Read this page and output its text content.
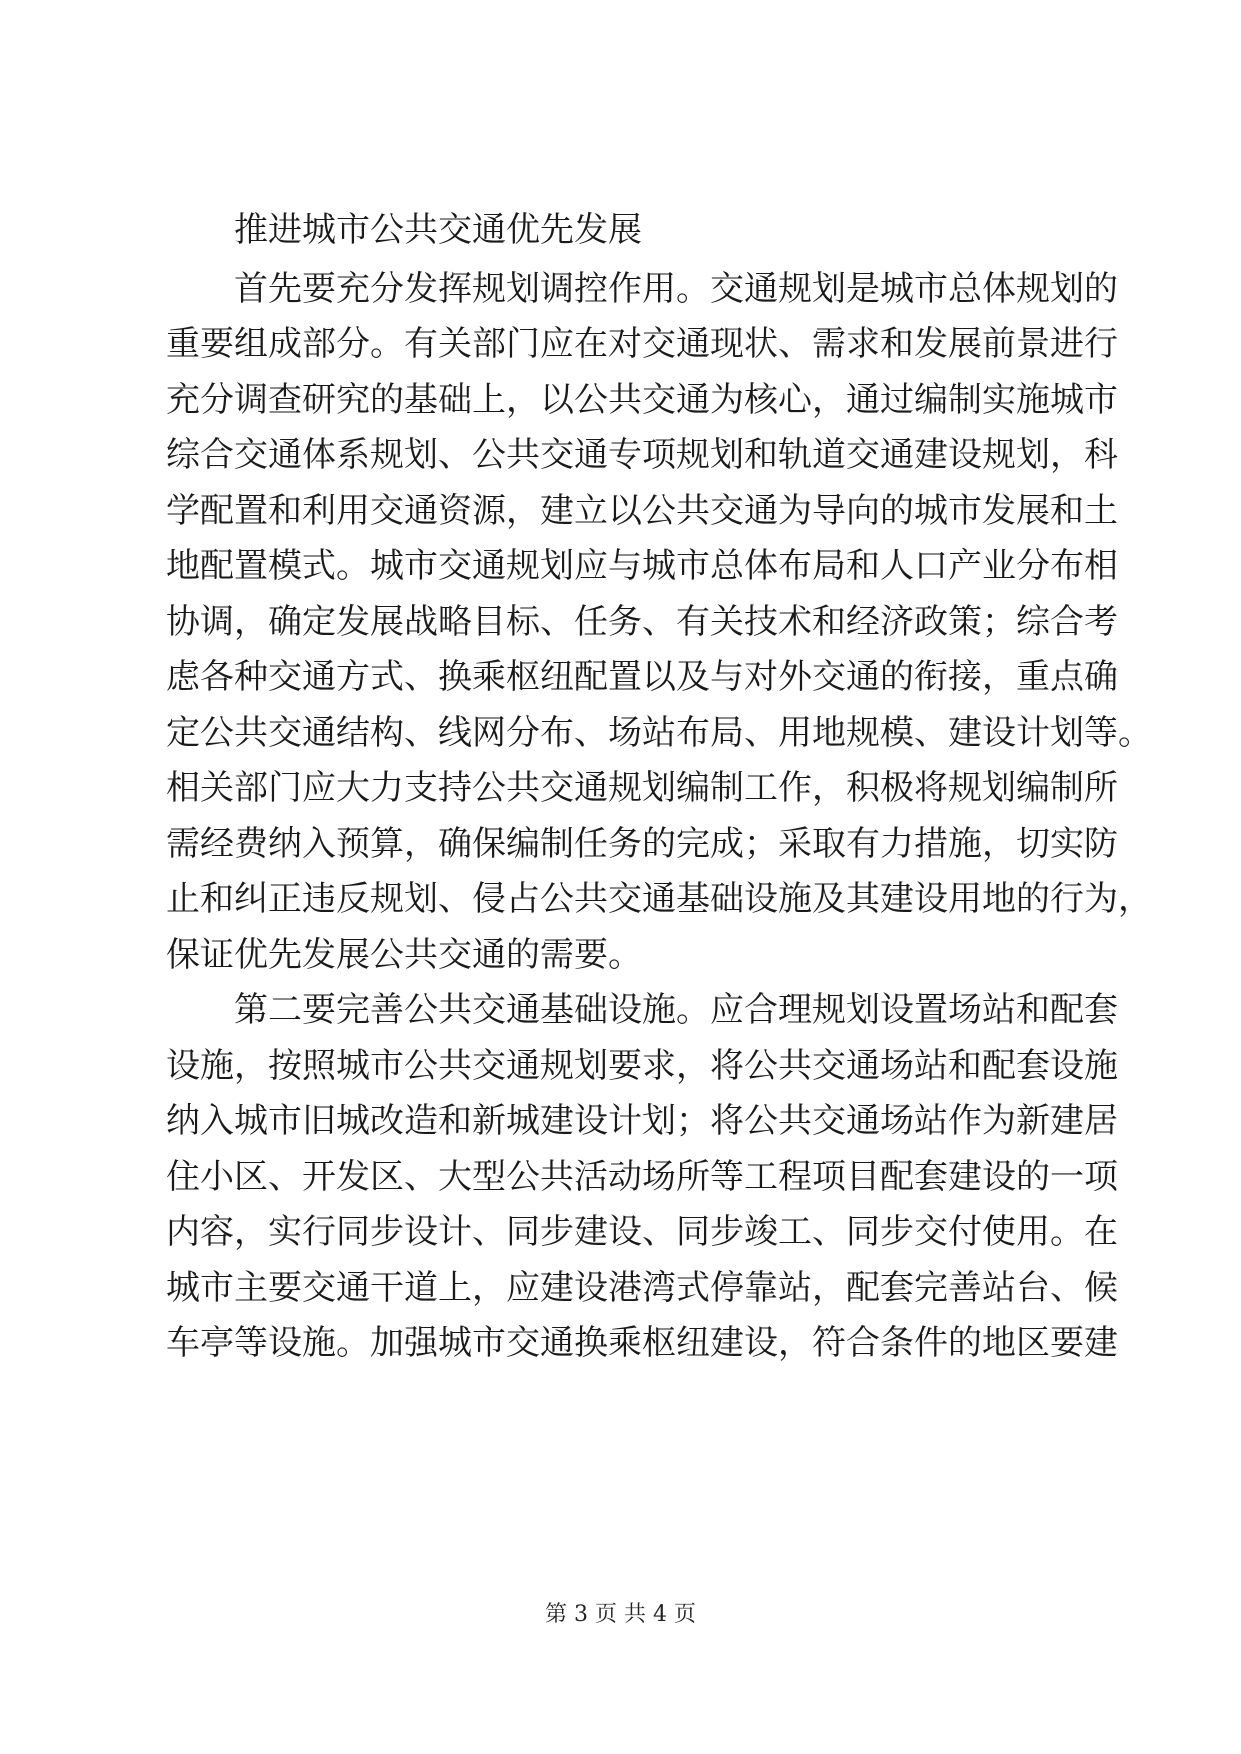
推进城市公共交通优先发展
首先要充分发挥规划调控作用。交通规划是城市总体规划的
重要组成部分。有关部门应在对交通现状、需求和发展前景进行
充分调查研究的基础上，以公共交通为核心，通过编制实施城市
综合交通体系规划、公共交通专项规划和轨道交通建设规划，科
学配置和利用交通资源，建立以公共交通为导向的城市发展和土
地配置模式。城市交通规划应与城市总体布局和人口产业分布相
协调，确定发展战略目标、任务、有关技术和经济政策；综合考
虑各种交通方式、换乘枢纽配置以及与对外交通的衔接，重点确
定公共交通结构、线网分布、场站布局、用地规模、建设计划等。
相关部门应大力支持公共交通规划编制工作，积极将规划编制所
需经费纳入预算，确保编制任务的完成；采取有力措施，切实防
止和纠正违反规划、侵占公共交通基础设施及其建设用地的行为，
保证优先发展公共交通的需要。
第二要完善公共交通基础设施。应合理规划设置场站和配套
设施，按照城市公共交通规划要求，将公共交通场站和配套设施
纳入城市旧城改造和新城建设计划；将公共交通场站作为新建居
住小区、开发区、大型公共活动场所等工程项目配套建设的一项
内容，实行同步设计、同步建设、同步竣工、同步交付使用。在
城市主要交通干道上，应建设港湾式停靠站，配套完善站台、候
车亭等设施。加强城市交通换乘枢纽建设，符合条件的地区要建
第 3 页 共 4 页
